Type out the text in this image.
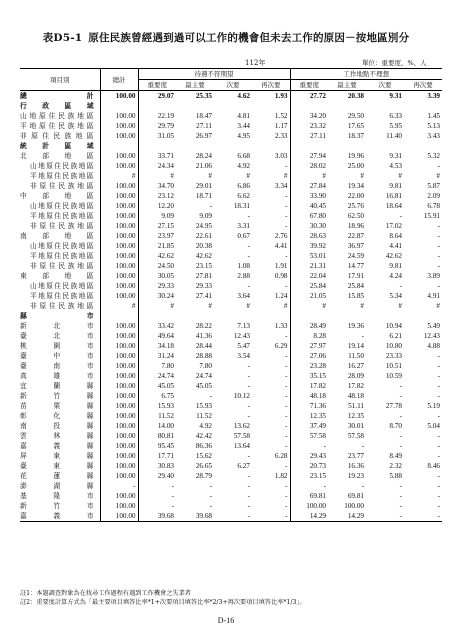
表D5-1 原住民族曾經遇到過可以工作的機會但未去工作的原因－按地區別分
112年	單位：重要度、%、人
項目別	總計	待遇不符期望				工作地點不理想			
		重要度	最主要	次要	再次要	重要度	最主要	次要	再次要
總計	100.00	29.07	25.35	4.62	1.93	27.72	20.38	9.31	3.39
行政區域									
山地原住民族地區	100.00	22.19	18.47	4.81	1.52	34.20	29.50	6.33	1.45
平地原住民族地區	100.00	29.79	27.11	3.44	1.17	23.32	17.65	5.95	5.13
非原住民族地區	100.00	31.05	26.97	4.95	2.33	27.11	18.37	11.40	3.43
統計區域									
北部地區	100.00	33.71	28.24	6.68	3.03	27.94	19.96	9.31	5.32
山地原住民族地區	100.00	24.34	21.06	4.92	-	28.02	25.00	4.53	-
平地原住民族地區	#	#	#	#	#	#	#	#	#
非原住民族地區	100.00	34.70	29.01	6.86	3.34	27.84	19.34	9.81	5.87
中部地區	100.00	23.12	18.71	6.62	-	33.90	22.00	16.81	2.09
山地原住民族地區	100.00	12.20	-	18.31	-	40.45	25.76	18.64	6.78
平地原住民族地區	100.00	9.09	9.09	-	-	67.80	62.50	-	15.91
非原住民族地區	100.00	27.15	24.95	3.31	-	30.30	18.96	17.02	-
南部地區	100.00	23.97	22.61	0.67	2.76	28.63	22.87	8.64	-
山地原住民族地區	100.00	21.85	20.38	-	4.41	39.92	36.97	4.41	-
平地原住民族地區	100.00	42.62	42.62	-	-	53.01	24.59	42.62	-
非原住民族地區	100.00	24.50	23.15	1.08	1.91	21.31	14.77	9.81	-
東部地區	100.00	30.05	27.81	2.88	0.98	22.04	17.91	4.24	3.89
山地原住民族地區	100.00	29.33	29.33	-	-	25.84	25.84	-	-
平地原住民族地區	100.00	30.24	27.41	3.64	1.24	21.05	15.85	5.34	4.91
非原住民族地區	#	#	#	#	#	#	#	#	#
縣市									
新北市	100.00	33.42	28.22	7.13	1.33	28.49	19.36	10.94	5.49
臺北市	100.00	49.64	41.36	12.43	-	8.28	-	6.21	12.43
桃園市	100.00	34.18	28.44	5.47	6.29	27.97	19.14	10.80	4.88
臺中市	100.00	31.24	28.88	3.54	-	27.06	11.50	23.33	-
臺南市	100.00	7.80	7.80	-	-	23.28	16.27	10.51	-
高雄市	100.00	24.74	24.74	-	-	35.15	28.09	10.59	-
宜蘭縣	100.00	45.05	45.05	-	-	17.82	17.82	-	-
新竹縣	100.00	6.75	-	10.12	-	48.18	48.18	-	-
苗栗縣	100.00	15.93	15.93	-	-	71.36	51.11	27.78	5.19
彰化縣	100.00	11.52	11.52	-	-	12.35	12.35	-	-
南投縣	100.00	14.00	4.92	13.62	-	37.49	30.01	8.70	5.04
雲林縣	100.00	80.81	42.42	57.58	-	57.58	57.58	-	-
嘉義縣	100.00	95.45	86.36	13.64	-	-	-	-	-
屏東縣	100.00	17.71	15.62	-	6.28	29.43	23.77	8.49	-
臺東縣	100.00	30.83	26.65	6.27	-	20.73	16.36	2.32	8.46
花蓮縣	100.00	29.40	28.79	-	1.82	23.15	19.23	5.88	-
澎湖縣	-	-	-	-	-	-	-	-	-
基隆市	100.00	-	-	-	-	69.81	69.81	-	-
新竹市	100.00	-	-	-	-	100.00	100.00	-	-
嘉義市	100.00	39.68	39.68	-	-	14.29	14.29	-	-
註1：本題調查對象為在找尋工作過程有遇到工作機會之失業者
註2：重要度計算方式為「最主要項目填答比率*1+次要項目填答比率*2/3+再次要項目填答比率*1/3」。
D-16
